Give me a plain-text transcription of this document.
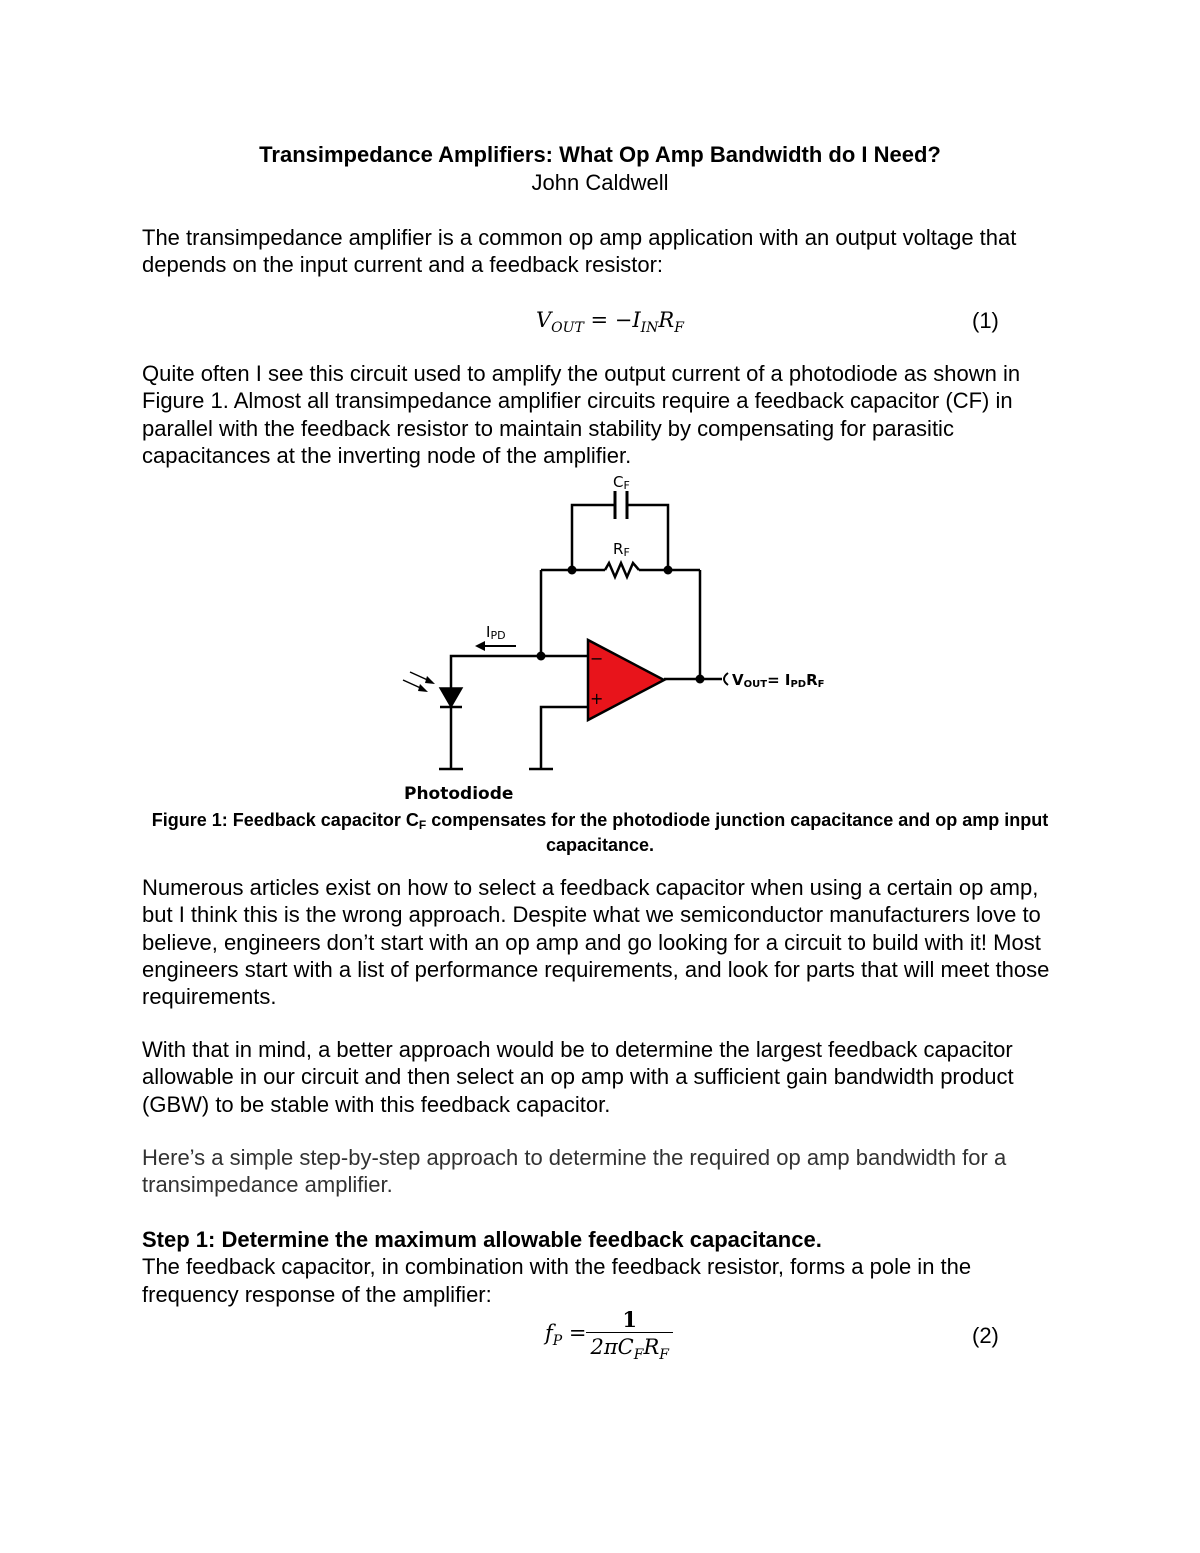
Transimpedance Amplifiers: What Op Amp Bandwidth do I Need?
John Caldwell
The transimpedance amplifier is a common op amp application with an output voltage that depends on the input current and a feedback resistor:
$V_{OUT} = -I_{IN}R_F$	(1)
Quite often I see this circuit used to amplify the output current of a photodiode as shown in Figure 1. Almost all transimpedance amplifier circuits require a feedback capacitor (CF) in parallel with the feedback resistor to maintain stability by compensating for parasitic capacitances at the inverting node of the amplifier.
−
+
CF
RF
IPD
VOUT= IPDRF
Photodiode
Figure 1: Feedback capacitor CF compensates for the photodiode junction capacitance and op amp input capacitance.
Numerous articles exist on how to select a feedback capacitor when using a certain op amp, but I think this is the wrong approach. Despite what we semiconductor manufacturers love to believe, engineers don’t start with an op amp and go looking for a circuit to build with it! Most engineers start with a list of performance requirements, and look for parts that will meet those requirements.
With that in mind, a better approach would be to determine the largest feedback capacitor allowable in our circuit and then select an op amp with a sufficient gain bandwidth product (GBW) to be stable with this feedback capacitor.
Here’s a simple step-by-step approach to determine the required op amp bandwidth for a transimpedance amplifier.
Step 1: Determine the maximum allowable feedback capacitance.
The feedback capacitor, in combination with the feedback resistor, forms a pole in the frequency response of the amplifier:
$f_P = \frac{1}{2\pi C_FR_F}$	(2)
